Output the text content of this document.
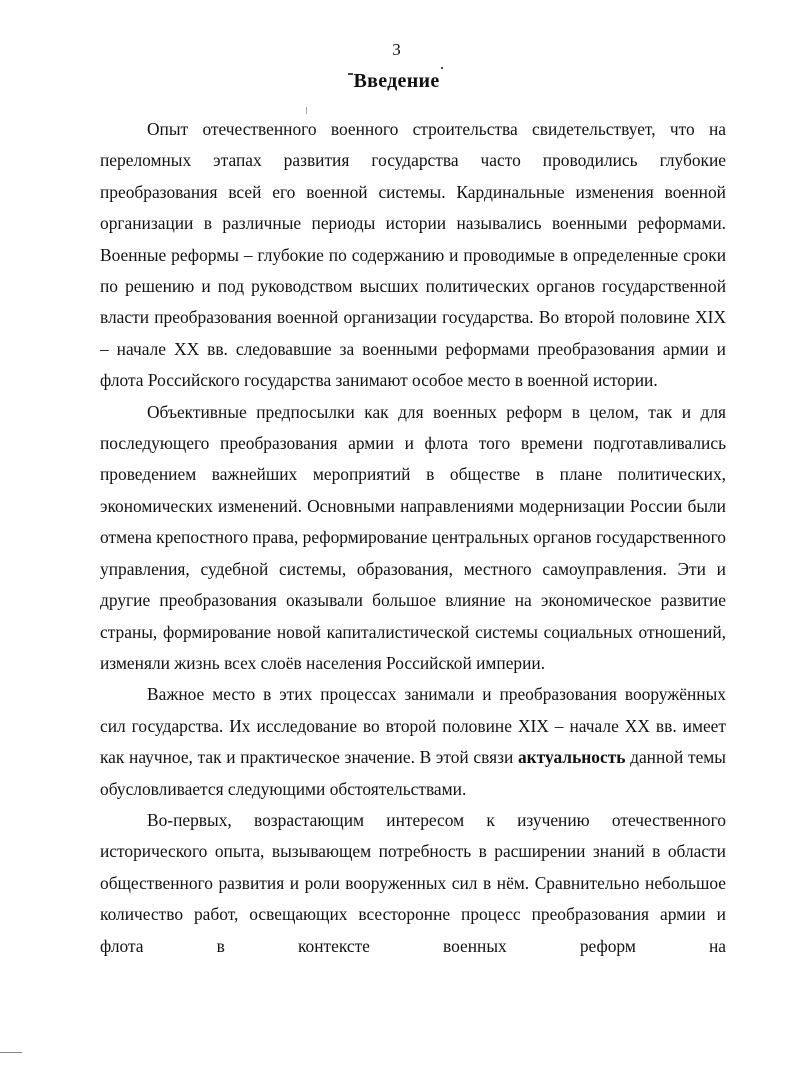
3
Введение

Опыт отечественного военного строительства свидетельствует, что на переломных этапах развития государства часто проводились глубокие преобразования всей его военной системы. Кардинальные изменения военной организации в различные периоды истории назывались военными реформами. Военные реформы – глубокие по содержанию и проводимые в определенные сроки по решению и под руководством высших политических органов государственной власти преобразования военной организации государства. Во второй половине XIX – начале XX вв. следовавшие за военными реформами преобразования армии и флота Российского государства занимают особое место в военной истории.

Объективные предпосылки как для военных реформ в целом, так и для последующего преобразования армии и флота того времени подготавливались проведением важнейших мероприятий в обществе в плане политических, экономических изменений. Основными направлениями модернизации России были отмена крепостного права, реформирование центральных органов государственного управления, судебной системы, образования, местного самоуправления. Эти и другие преобразования оказывали большое влияние на экономическое развитие страны, формирование новой капиталистической системы социальных отношений, изменяли жизнь всех слоёв населения Российской империи.

Важное место в этих процессах занимали и преобразования вооружённых сил государства. Их исследование во второй половине XIX – начале XX вв. имеет как научное, так и практическое значение. В этой связи актуальность данной темы обусловливается следующими обстоятельствами.

Во-первых, возрастающим интересом к изучению отечественного исторического опыта, вызывающем потребность в расширении знаний в области общественного развития и роли вооруженных сил в нём. Сравнительно небольшое количество работ, освещающих всесторонне процесс преобразования армии и флота в контексте военных реформ на
